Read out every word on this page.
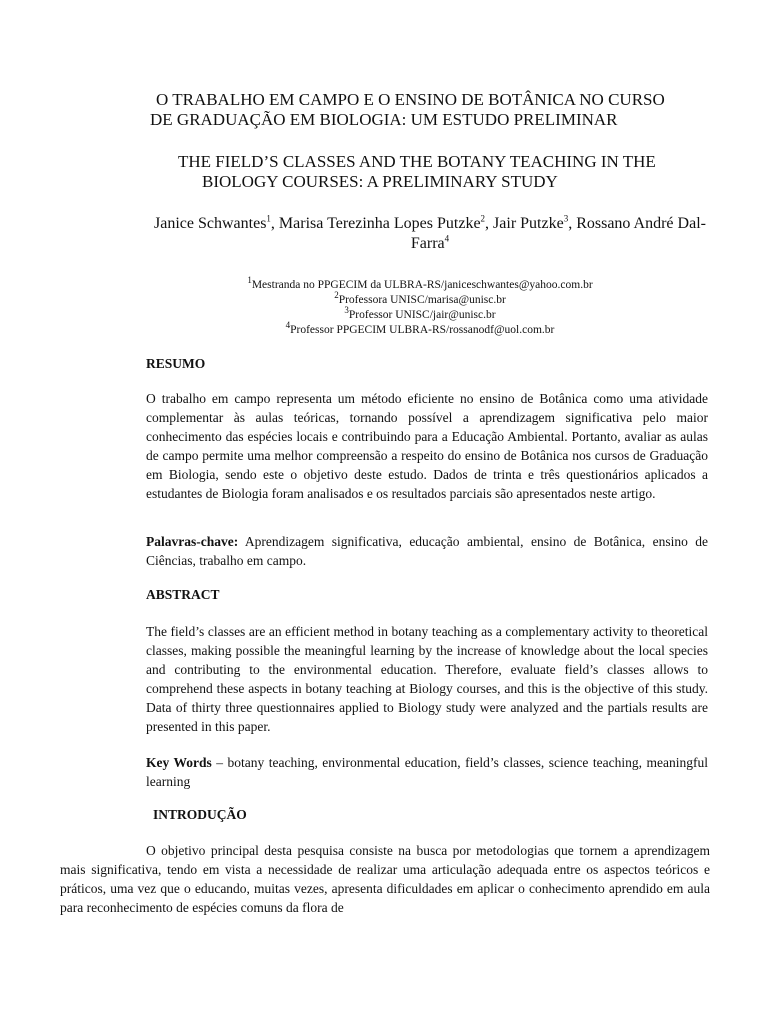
O TRABALHO EM CAMPO E O ENSINO DE BOTÂNICA NO CURSO
DE GRADUAÇÃO EM BIOLOGIA: UM ESTUDO PRELIMINAR
THE FIELD’S CLASSES AND THE BOTANY TEACHING IN THE
BIOLOGY COURSES: A PRELIMINARY STUDY
Janice Schwantes$^1$, Marisa Terezinha Lopes Putzke$^2$, Jair Putzke$^3$, Rossano André Dal-Farra$^4$
$^1$Mestranda no PPGECIM da ULBRA-RS/janiceschwantes@yahoo.com.br
$^2$Professora UNISC/marisa@unisc.br
$^3$Professor UNISC/jair@unisc.br
$^4$Professor PPGECIM ULBRA-RS/rossanodf@uol.com.br
RESUMO

O trabalho em campo representa um método eficiente no ensino de Botânica como uma atividade complementar às aulas teóricas, tornando possível a aprendizagem significativa pelo maior conhecimento das espécies locais e contribuindo para a Educação Ambiental. Portanto, avaliar as aulas de campo permite uma melhor compreensão a respeito do ensino de Botânica nos cursos de Graduação em Biologia, sendo este o objetivo deste estudo. Dados de trinta e três questionários aplicados a estudantes de Biologia foram analisados e os resultados parciais são apresentados neste artigo.

Palavras-chave: Aprendizagem significativa, educação ambiental, ensino de Botânica, ensino de Ciências, trabalho em campo.

ABSTRACT

The field’s classes are an efficient method in botany teaching as a complementary activity to theoretical classes, making possible the meaningful learning by the increase of knowledge about the local species and contributing to the environmental education. Therefore, evaluate field’s classes allows to comprehend these aspects in botany teaching at Biology courses, and this is the objective of this study. Data of thirty three questionnaires applied to Biology study were analyzed and the partials results are presented in this paper.

Key Words – botany teaching, environmental education, field’s classes, science teaching, meaningful learning

INTRODUÇÃO

O objetivo principal desta pesquisa consiste na busca por metodologias que tornem a aprendizagem mais significativa, tendo em vista a necessidade de realizar uma articulação adequada entre os aspectos teóricos e práticos, uma vez que o educando, muitas vezes, apresenta dificuldades em aplicar o conhecimento aprendido em aula para reconhecimento de espécies comuns da flora de
